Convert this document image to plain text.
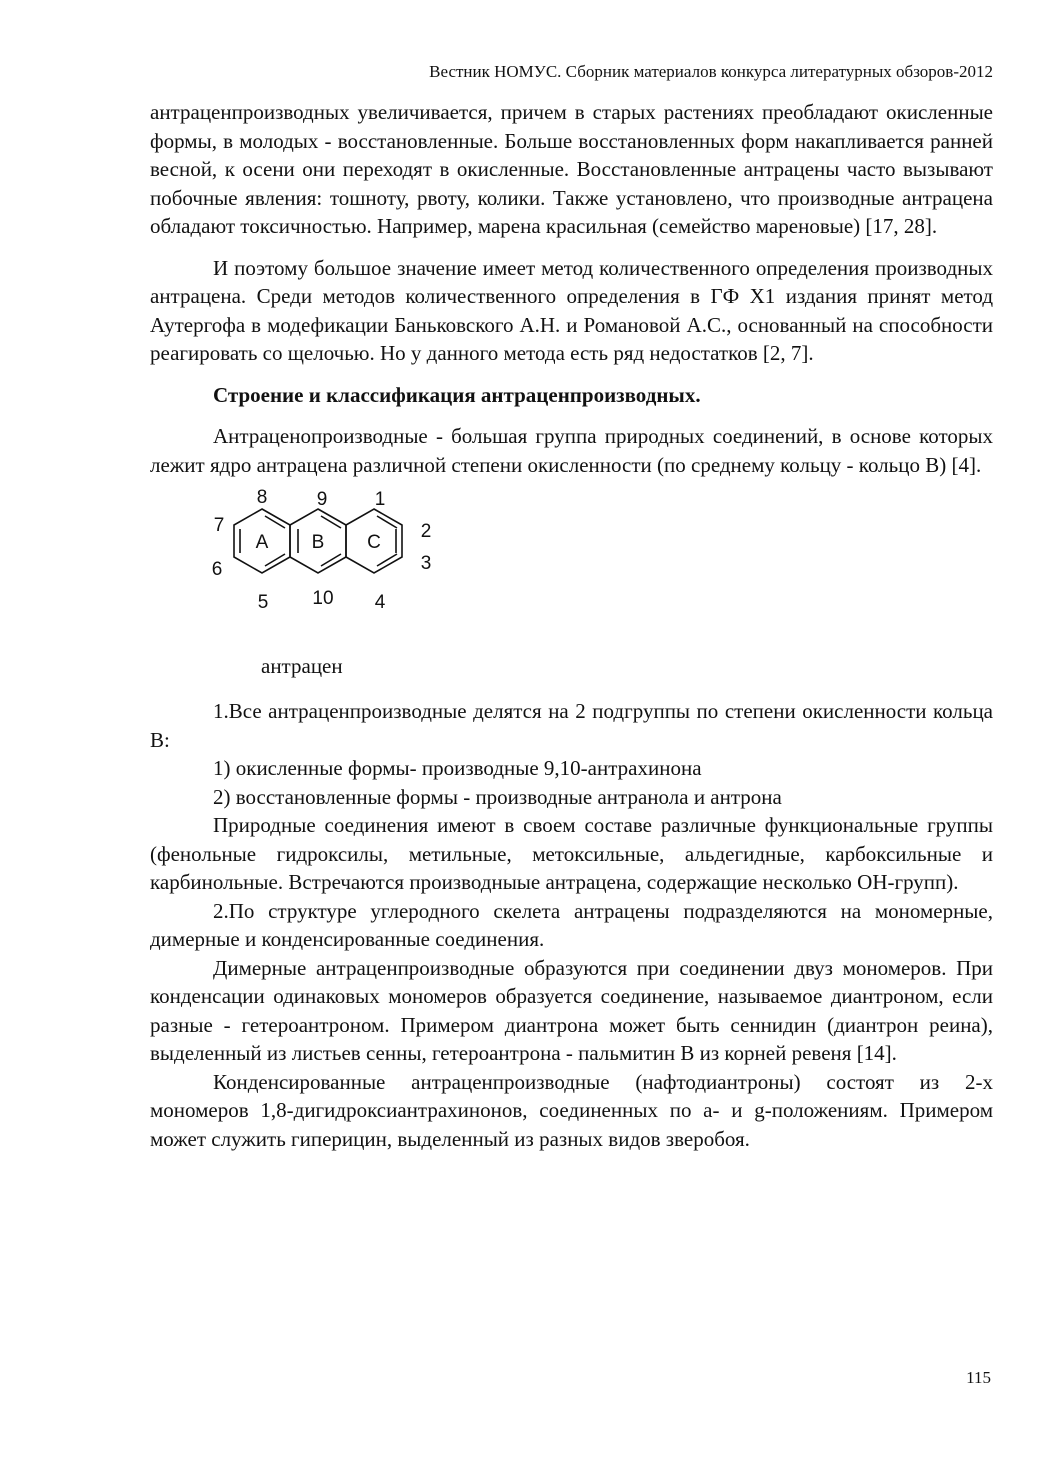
Вестник НОМУС. Сборник материалов конкурса литературных обзоров-2012

антраценпроизводных увеличивается, причем в старых растениях преобладают окисленные формы, в молодых - восстановленные. Больше восстановленных форм накапливается ранней весной, к осени они переходят в окисленные. Восстановленные антрацены часто вызывают побочные явления: тошноту, рвоту, колики. Также установлено, что производные антрацена обладают токсичностью. Например, марена красильная (семейство мареновые) [17, 28].

И поэтому большое значение имеет метод количественного определения производных антрацена. Среди методов количественного определения в ГФ Х1 издания принят метод Аутергофа в модефикации Баньковского А.Н. и Романовой А.С., основанный на способности реагировать со щелочью. Но у данного метода есть ряд недостатков [2, 7].

Строение и классификация антраценпроизводных.

Антраценопроизводные - большая группа природных соединений, в основе которых лежит ядро антрацена различной степени окисленности (по среднему кольцу - кольцо В) [4].

A B C
8	9 1
2
3
4
10
5
6
7
антрацен

1.Все антраценпроизводные делятся на 2 подгруппы по степени окисленности кольца В:

1) окисленные формы- производные 9,10-антрахинона

2) восстановленные формы - производные антранола и антрона

Природные соединения имеют в своем составе различные функциональные группы (фенольные гидроксилы, метильные, метоксильные, альдегидные, карбоксильные и карбинольные. Встречаются производныые антрацена, содержащие несколько ОН-групп).

2.По структуре углеродного скелета антрацены подразделяются на мономерные, димерные и конденсированные соединения.

Димерные антраценпроизводные образуются при соединении двуз мономеров. При конденсации одинаковых мономеров образуется соединение, называемое диантроном, если разные - гетероантроном. Примером диантрона может быть сеннидин (диантрон реина), выделенный из листьев сенны, гетероантрона - пальмитин В из корней ревеня [14].

Конденсированные антраценпроизводные (нафтодиантроны) состоят из 2-х мономеров 1,8-дигидроксиантрахинонов, соединенных по a- и g-положениям. Примером может служить гиперицин, выделенный из разных видов зверобоя.

115
